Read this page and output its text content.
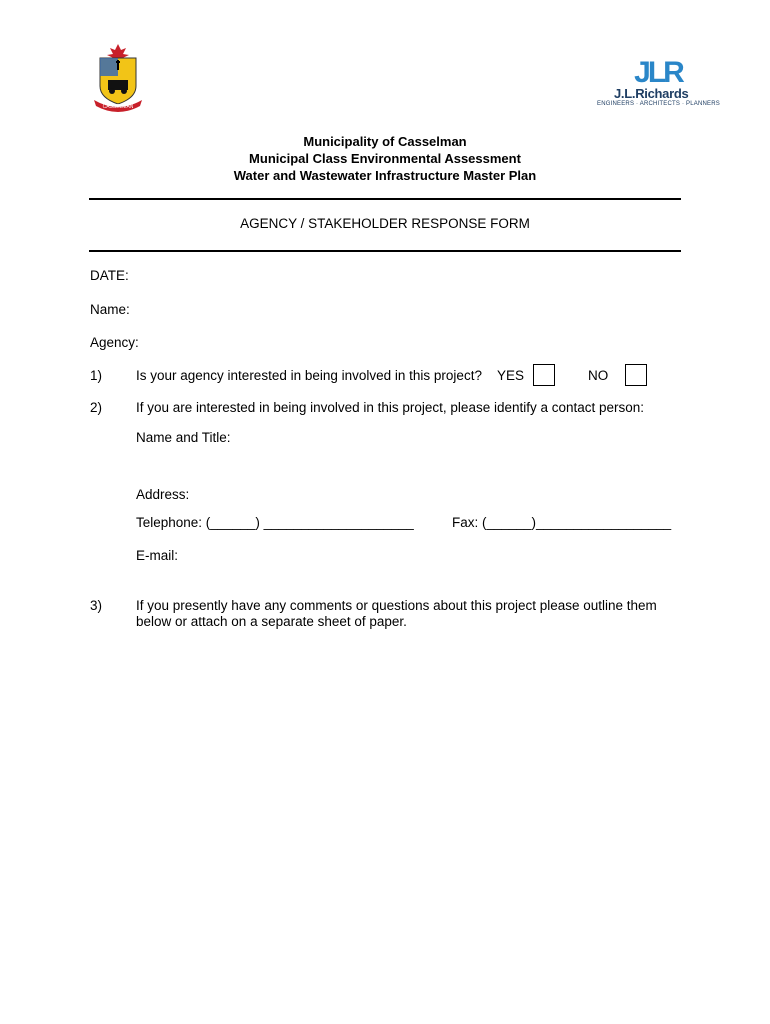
CASSELMAN
JLR
J.L.Richards
ENGINEERS · ARCHITECTS · PLANNERS
Municipality of Casselman
Municipal Class Environmental Assessment
Water and Wastewater Infrastructure Master Plan
AGENCY / STAKEHOLDER RESPONSE FORM
DATE:
Name:
Agency:
1)	Is your agency interested in being involved in this project? YES	NO
2)	If you are interested in being involved in this project, please identify a contact person:
Name and Title:
Address:
Telephone: (______) ____________________	Fax: (______)__________________
E-mail:
3)	If you presently have any comments or questions about this project please outline them
below or attach on a separate sheet of paper.
